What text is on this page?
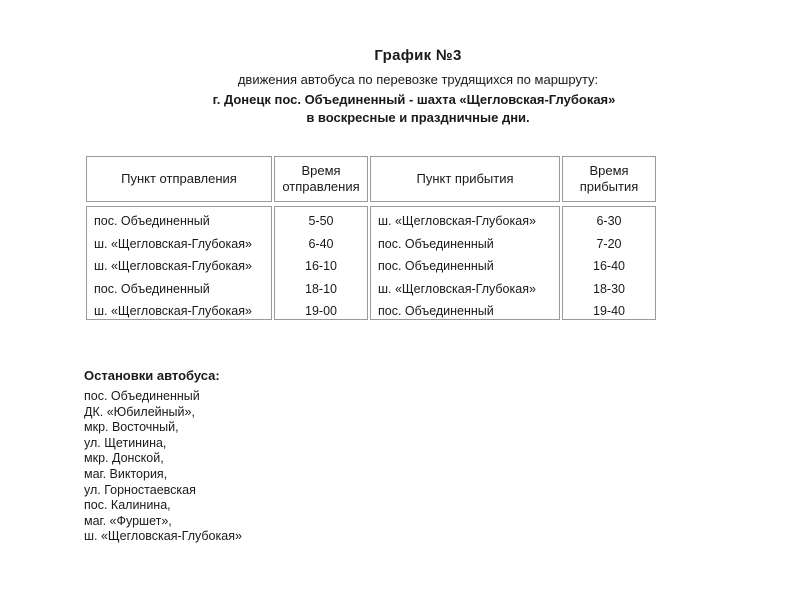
График №3
движения автобуса по перевозке трудящихся по маршруту:
г. Донецк пос. Объединенный - шахта «Щегловская-Глубокая»
в воскресные и праздничные дни.
Пункт отправления
пос. Объединенный
ш. «Щегловская-Глубокая»
ш. «Щегловская-Глубокая»
пос. Объединенный
ш. «Щегловская-Глубокая»
Время
отправления
5-50
6-40
16-10
18-10
19-00
Пункт прибытия
ш. «Щегловская-Глубокая»
пос. Объединенный
пос. Объединенный
ш. «Щегловская-Глубокая»
пос. Объединенный
Время
прибытия
6-30
7-20
16-40
18-30
19-40
Остановки автобуса:
пос. Объединенный
ДК. «Юбилейный»,
мкр. Восточный,
ул. Щетинина,
мкр. Донской,
маг. Виктория,
ул. Горностаевская
пос. Калинина,
маг. «Фуршет»,
ш. «Щегловская-Глубокая»
